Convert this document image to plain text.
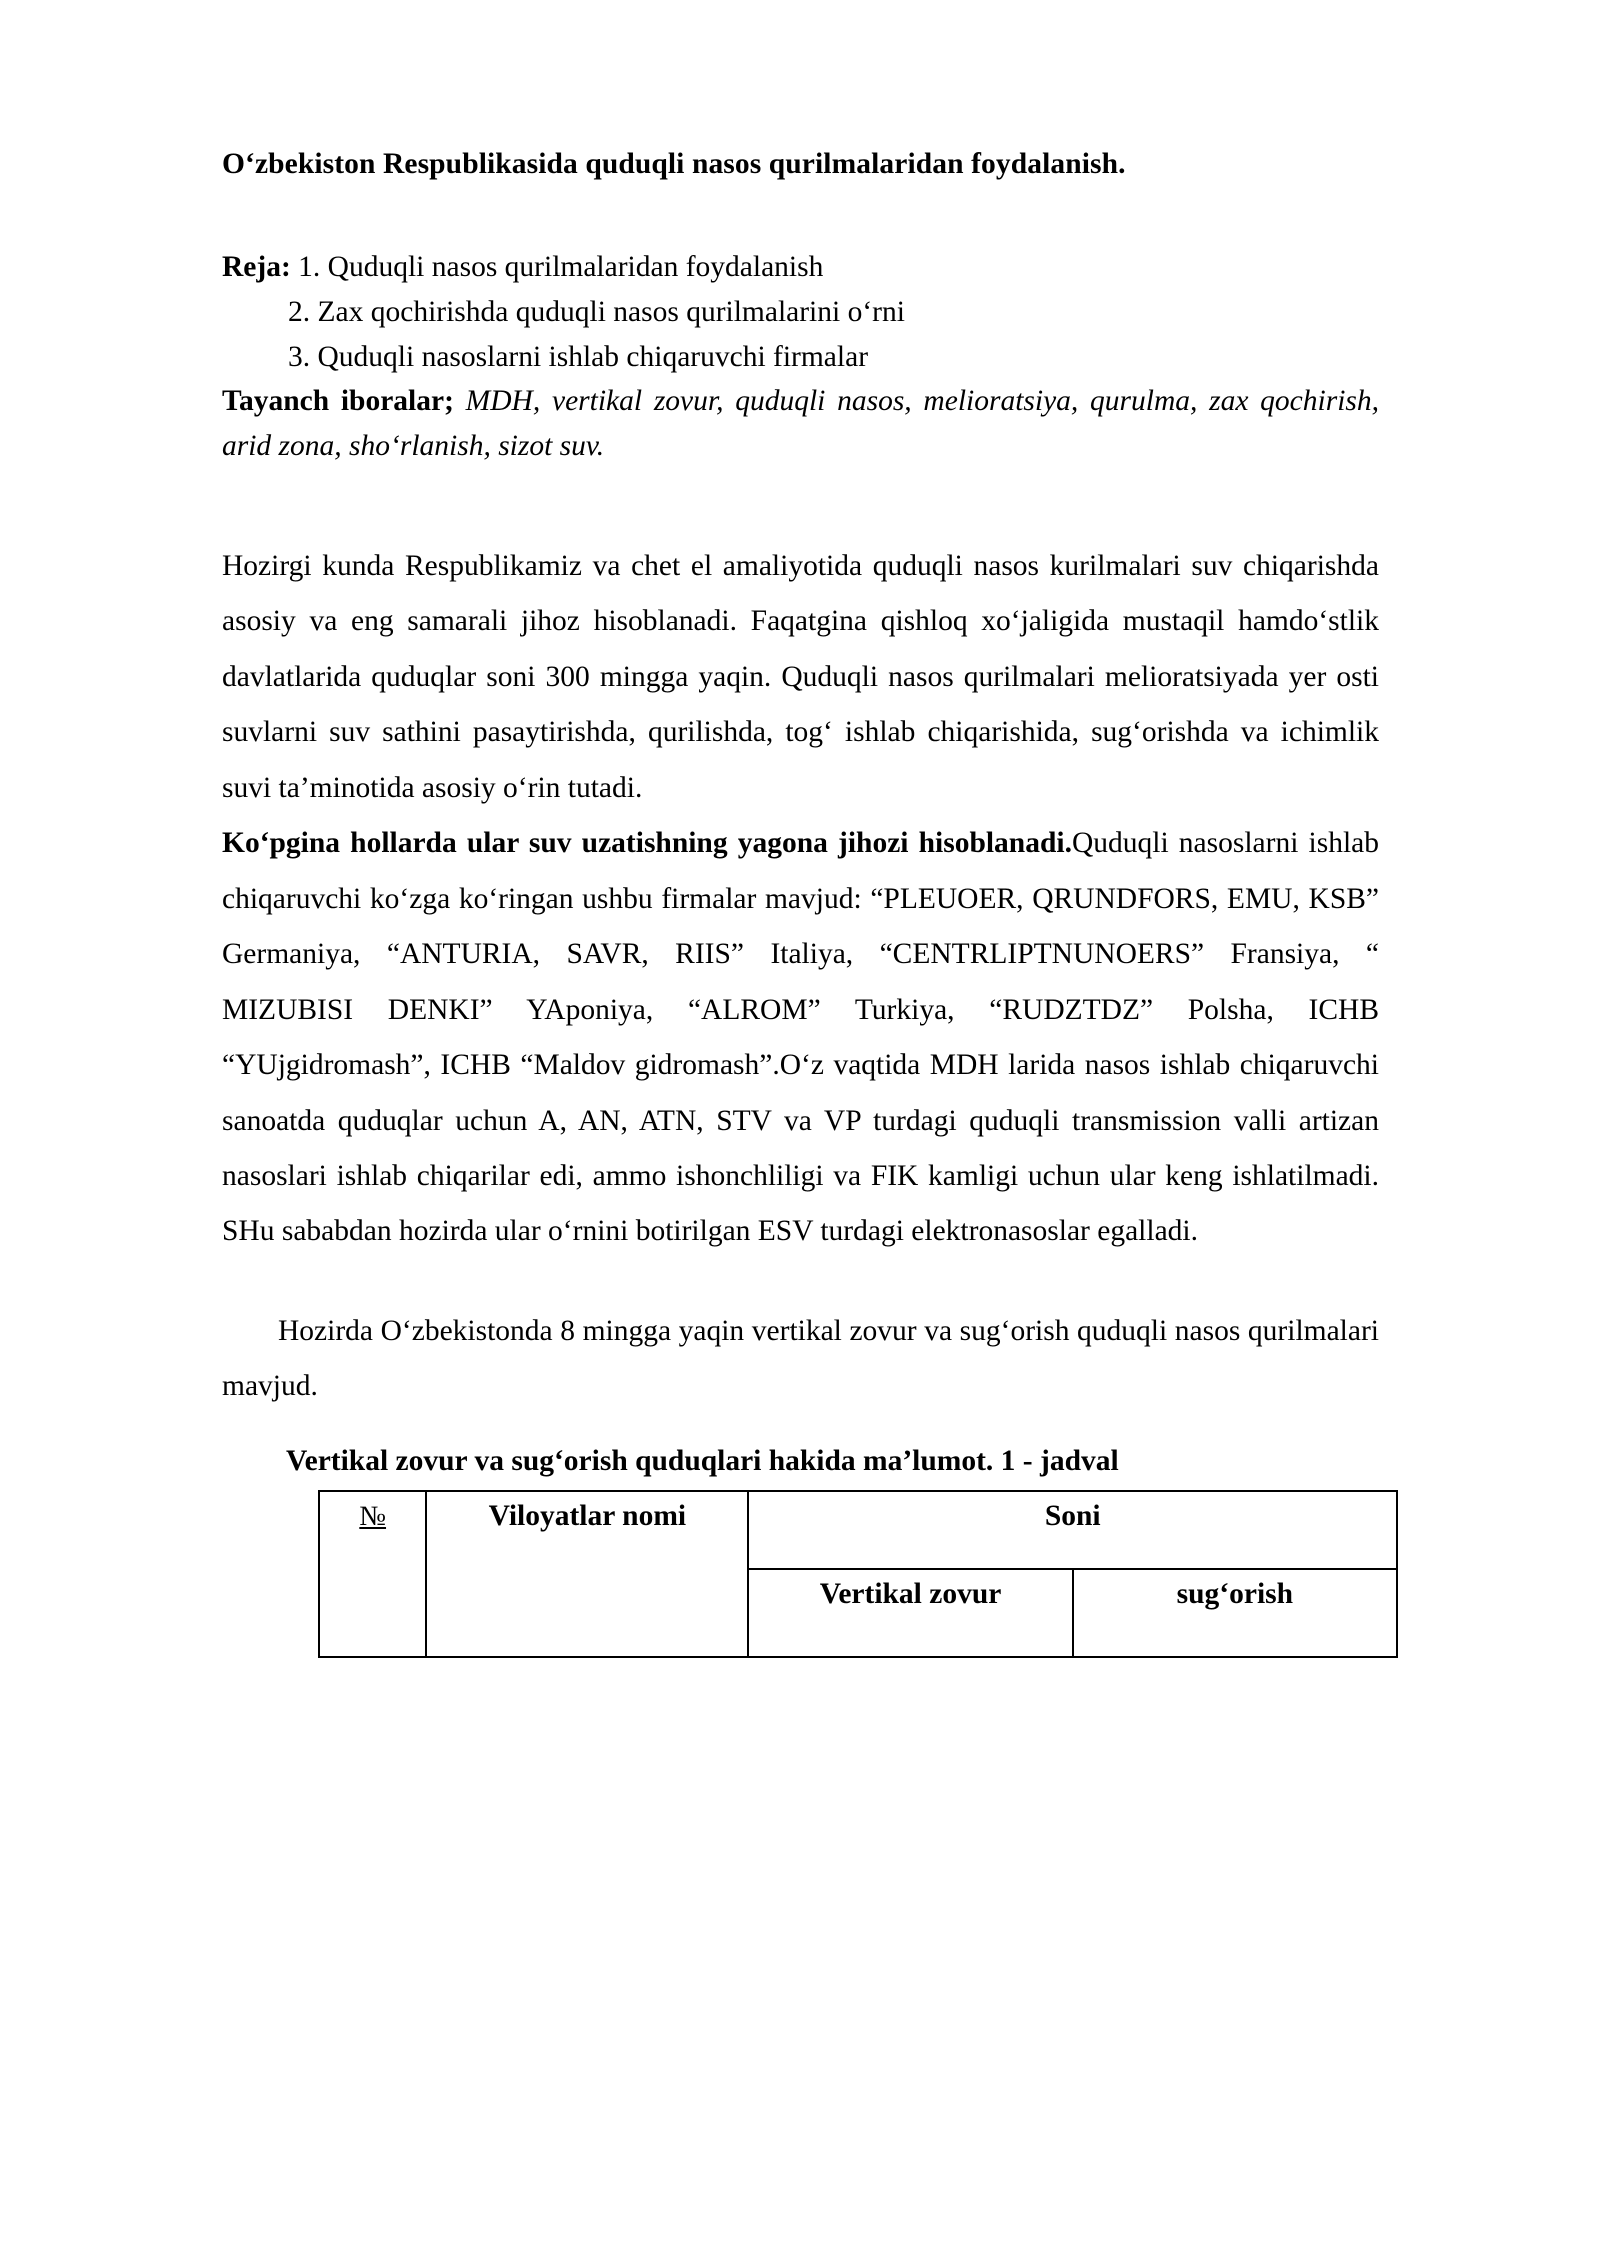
O‘zbekiston Respublikasida quduqli nasos qurilmalaridan foydalanish.

Reja: 1. Quduqli nasos qurilmalaridan foydalanish

2. Zax qochirishda quduqli nasos qurilmalarini o‘rni

3. Quduqli nasoslarni ishlab chiqaruvchi firmalar

Tayanch iboralar; MDH, vertikal zovur, quduqli nasos, melioratsiya, qurulma, zax qochirish, arid zona, sho‘rlanish, sizot suv.

Hozirgi kunda Respublikamiz va chet el amaliyotida quduqli nasos kurilmalari suv chiqarishda asosiy va eng samarali jihoz hisoblanadi. Faqatgina qishloq xo‘jaligida mustaqil hamdo‘stlik davlatlarida quduqlar soni 300 mingga yaqin. Quduqli nasos qurilmalari melioratsiyada yer osti suvlarni suv sathini pasaytirishda, qurilishda, tog‘ ishlab chiqarishida, sug‘orishda va ichimlik suvi ta’minotida asosiy o‘rin tutadi.

Ko‘pgina hollarda ular suv uzatishning yagona jihozi hisoblanadi.Quduqli nasoslarni ishlab chiqaruvchi ko‘zga ko‘ringan ushbu firmalar mavjud: “PLEUOER, QRUNDFORS, EMU, KSB” Germaniya, “ANTURIA, SAVR, RIIS” Italiya, “CENTRLIPTNUNOERS” Fransiya, “ MIZUBISI DENKI” YAponiya, “ALROM” Turkiya, “RUDZTDZ” Polsha, ICHB “YUjgidromash”, ICHB “Maldov gidromash”.O‘z vaqtida MDH larida nasos ishlab chiqaruvchi sanoatda quduqlar uchun A, AN, ATN, STV va VP turdagi quduqli transmission valli artizan nasoslari ishlab chiqarilar edi, ammo ishonchliligi va FIK kamligi uchun ular keng ishlatilmadi. SHu sababdan hozirda ular o‘rnini botirilgan ESV turdagi elektronasoslar egalladi.

Hozirda O‘zbekistonda 8 mingga yaqin vertikal zovur va sug‘orish quduqli nasos qurilmalari mavjud.

Vertikal zovur va sug‘orish quduqlari hakida ma’lumot. 1 - jadval
№	Viloyatlar nomi	Soni	
		Vertikal zovur	sug‘orish
